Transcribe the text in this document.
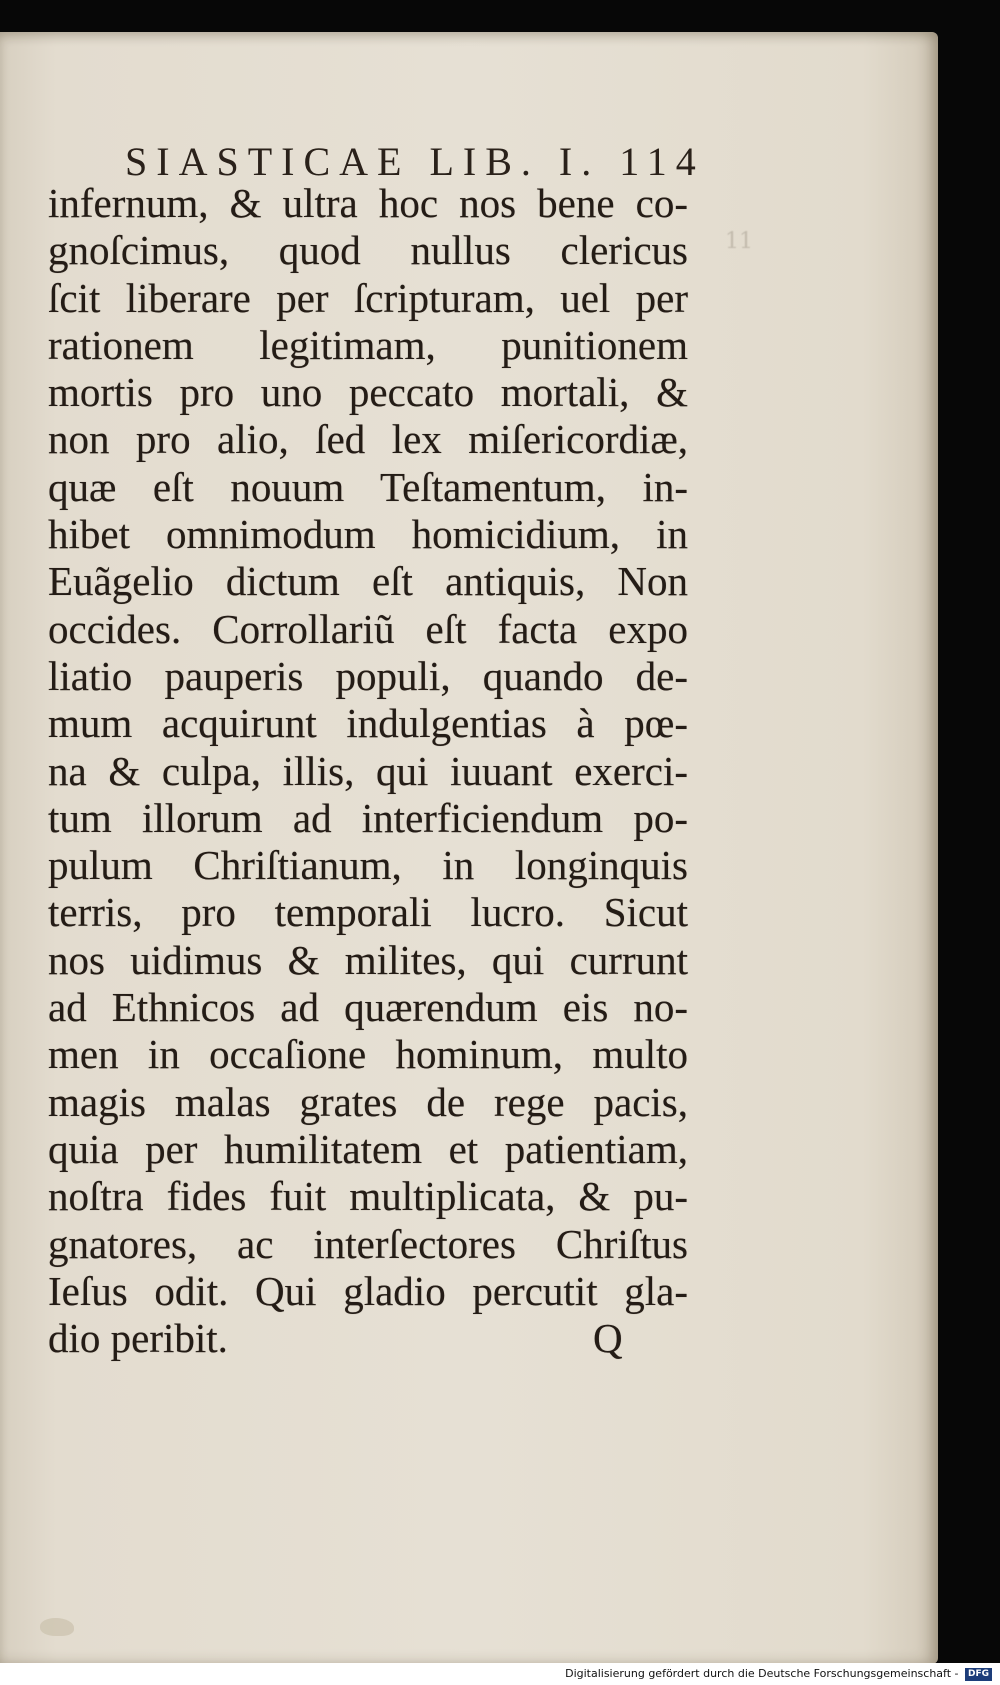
11

SIASTICAE LIB. I. 114
infernum, & ultra hoc nos bene co-
gnoſcimus, quod nullus clericus
ſcit liberare per ſcripturam, uel per
rationem legitimam, punitionem
mortis pro uno peccato mortali, &
non pro alio, ſed lex miſericordiæ,
quæ eſt nouum Teſtamentum, in-
hibet omnimodum homicidium, in
Euãgelio dictum eſt antiquis, Non
occides. Corrollariũ eſt facta expo
liatio pauperis populi, quando de-
mum acquirunt indulgentias à pœ-
na & culpa, illis, qui iuuant exerci-
tum illorum ad interficiendum po-
pulum Chriſtianum, in longinquis
terris, pro temporali lucro. Sicut
nos uidimus & milites, qui currunt
ad Ethnicos ad quærendum eis no-
men in occaſione hominum, multo
magis malas grates de rege pacis,
quia per humilitatem et patientiam,
noſtra fides fuit multiplicata, & pu-
gnatores, ac interſectores Chriſtus
Ieſus odit. Qui gladio percutit gla-
dio peribit.	Q
Digitalisierung gefördert durch die Deutsche Forschungsgemeinschaft - DFG
